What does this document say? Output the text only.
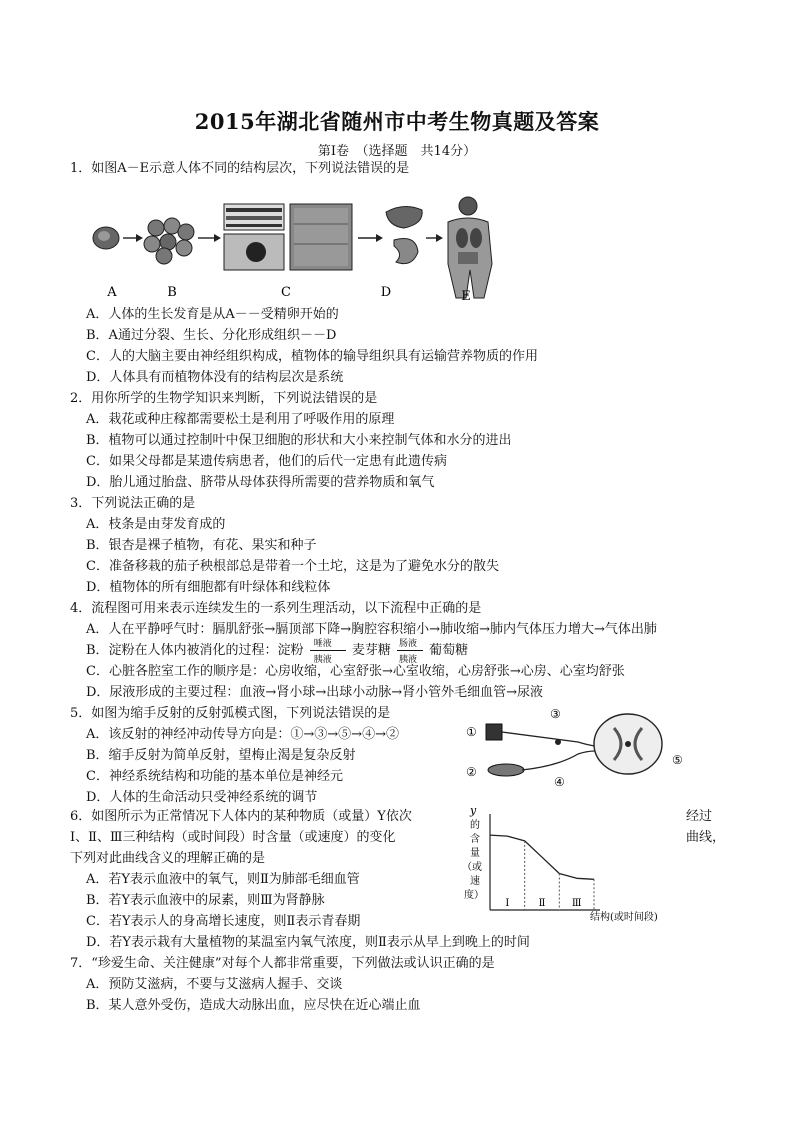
2015年湖北省随州市中考生物真题及答案
第Ⅰ卷　（选择题　共14分）
1．如图A－E示意人体不同的结构层次，下列说法错误的是
A	B	C	D	E
A．人体的生长发育是从A－－受精卵开始的
B．A通过分裂、生长、分化形成组织－－D
C．人的大脑主要由神经组织构成，植物体的输导组织具有运输营养物质的作用
D．人体具有而植物体没有的结构层次是系统
2．用你所学的生物学知识来判断，下列说法错误的是
A．栽花或种庄稼都需要松土是利用了呼吸作用的原理
B．植物可以通过控制叶中保卫细胞的形状和大小来控制气体和水分的进出
C．如果父母都是某遗传病患者，他们的后代一定患有此遗传病
D．胎儿通过胎盘、脐带从母体获得所需要的营养物质和氧气
3．下列说法正确的是
A．枝条是由芽发育成的
B．银杏是裸子植物，有花、果实和种子
C．准备移栽的茄子秧根部总是带着一个土坨，这是为了避免水分的散失
D．植物体的所有细胞都有叶绿体和线粒体
4．流程图可用来表示连续发生的一系列生理活动，以下流程中正确的是
A．人在平静呼气时：膈肌舒张→膈顶部下降→胸腔容积缩小→肺收缩→肺内气体压力增大→气体出肺
B．淀粉在人体内被消化的过程：淀粉 唾液
胰液
麦芽糖 肠液
胰液
葡萄糖
C．心脏各腔室工作的顺序是：心房收缩，心室舒张→心室收缩，心房舒张→心房、心室均舒张
D．尿液形成的主要过程：血液→肾小球→出球小动脉→肾小管外毛细血管→尿液
5．如图为缩手反射的反射弧模式图，下列说法错误的是
A．该反射的神经冲动传导方向是：①→③→⑤→④→②
B．缩手反射为简单反射，望梅止渴是复杂反射
C．神经系统结构和功能的基本单位是神经元
D．人体的生命活动只受神经系统的调节
①
②
③
④
⑤
6．如图所示为正常情况下人体内的某种物质（或量）Y依次	经过
Ⅰ、Ⅱ、Ⅲ三种结构（或时间段）时含量（或速度）的变化	曲线，
下列对此曲线含义的理解正确的是
A．若Y表示血液中的氧气，则Ⅱ为肺部毛细血管
B．若Y表示血液中的尿素，则Ⅲ为肾静脉
C．若Y表示人的身高增长速度，则Ⅱ表示青春期
D．若Y表示栽有大量植物的某温室内氧气浓度，则Ⅱ表示从早上到晚上的时间
y
的
含
量
（或
速
度）
结构(或时间段)
Ⅰ	Ⅱ	Ⅲ
7．“珍爱生命、关注健康”对每个人都非常重要，下列做法或认识正确的是
A．预防艾滋病，不要与艾滋病人握手、交谈
B．某人意外受伤，造成大动脉出血，应尽快在近心端止血
